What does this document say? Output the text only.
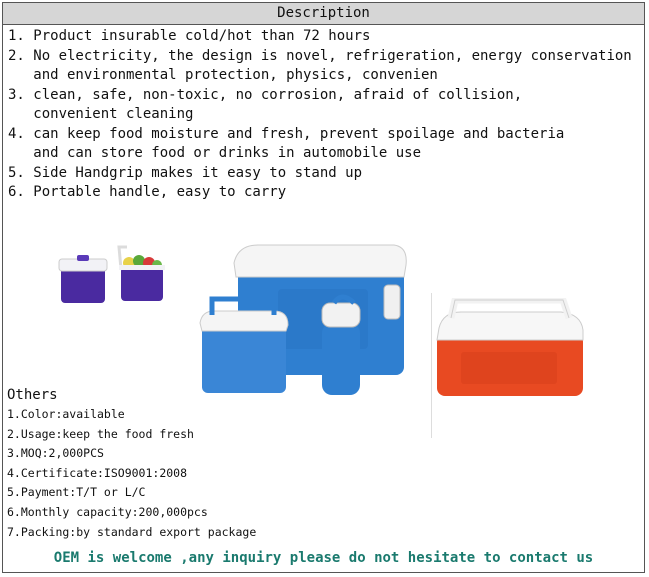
Description
1. Product insurable cold/hot than 72 hours
2. No electricity, the design is novel, refrigeration, energy conservation
and environmental protection, physics, convenien
3. clean, safe, non-toxic, no corrosion, afraid of collision,
convenient cleaning
4. can keep food moisture and fresh, prevent spoilage and bacteria
and can store food or drinks in automobile use
5. Side Handgrip makes it easy to stand up
6. Portable handle, easy to carry
Others
1.Color:available
2.Usage:keep the food fresh
3.MOQ:2,000PCS
4.Certificate:ISO9001:2008
5.Payment:T/T or L/C
6.Monthly capacity:200,000pcs
7.Packing:by standard export package
OEM is welcome ,any inquiry please do not hesitate to contact us
